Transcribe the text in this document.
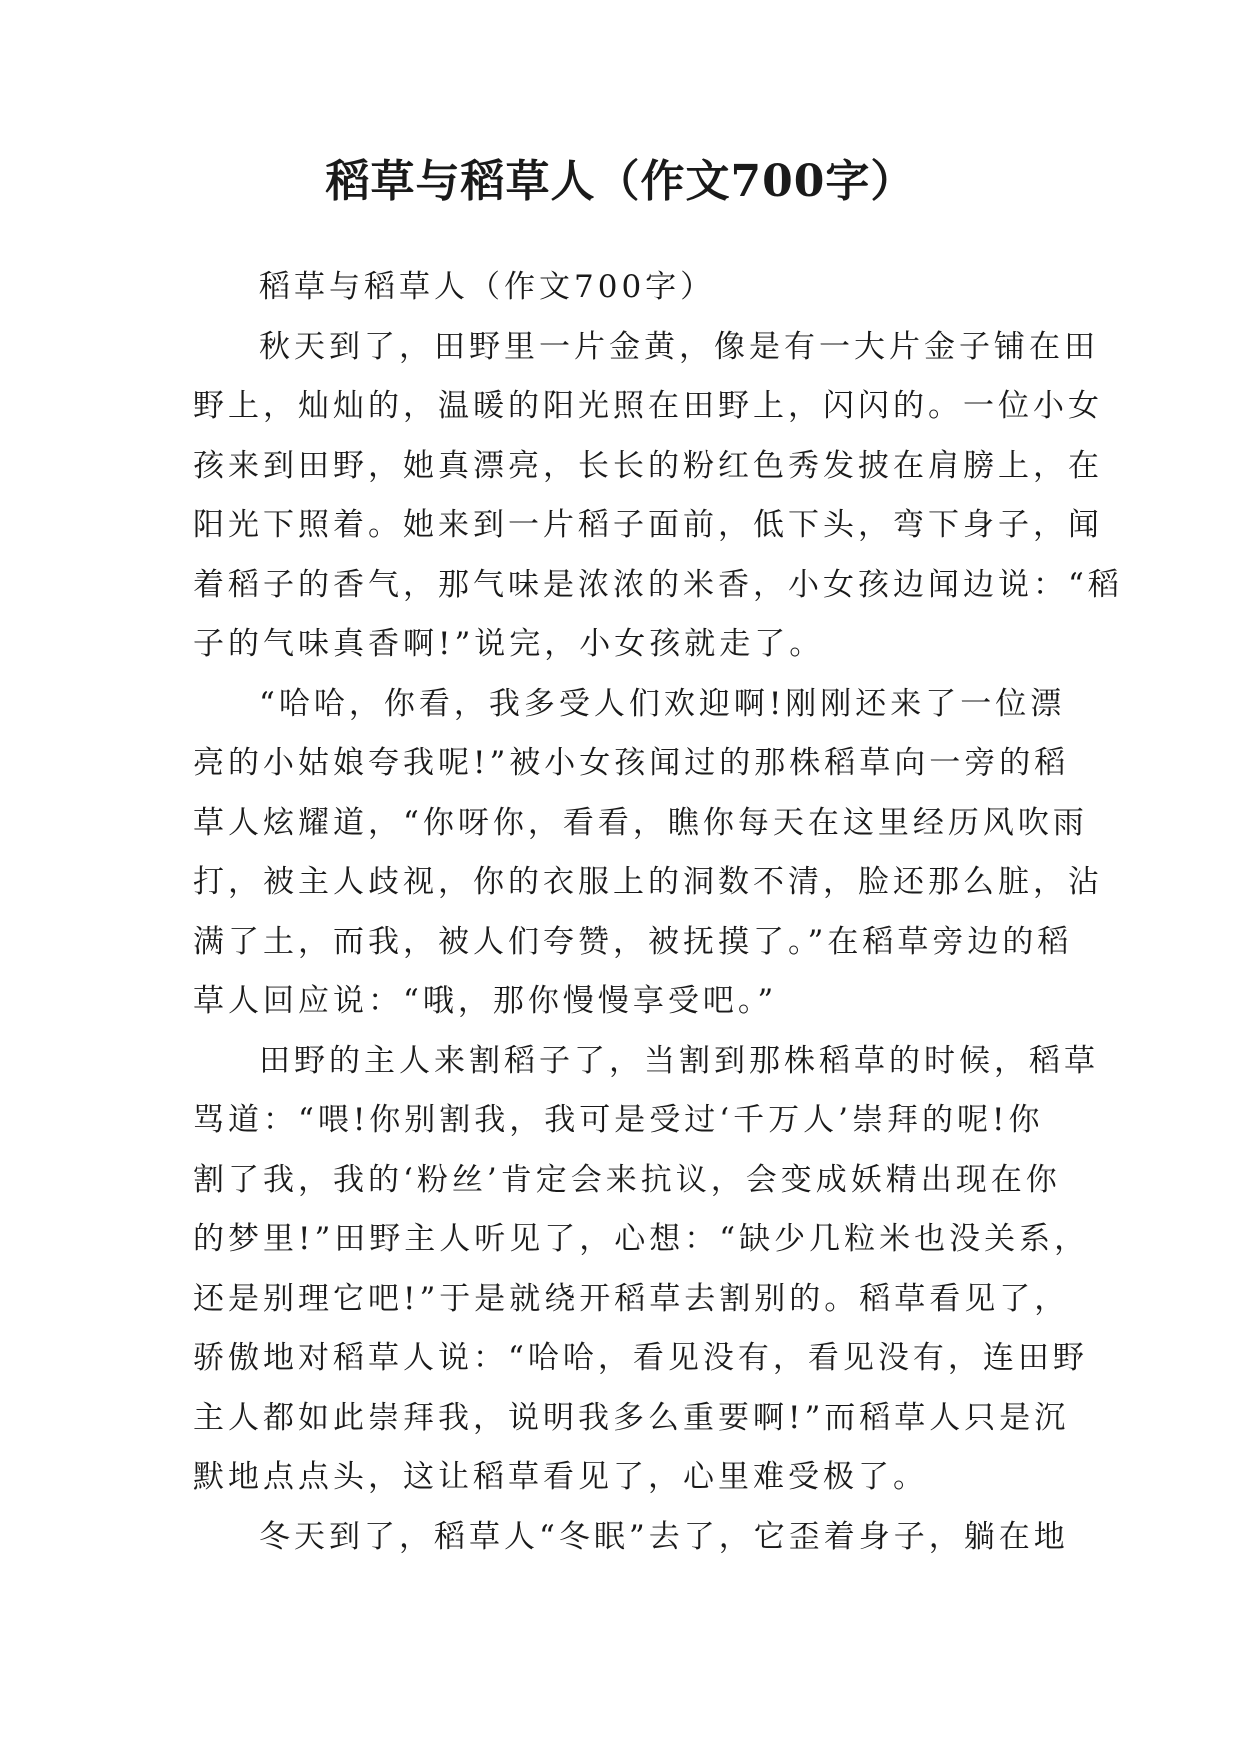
稻草与稻草人（作文700字）
稻草与稻草人（作文700字）
秋天到了，田野里一片金黄，像是有一大片金子铺在田
野上，灿灿的，温暖的阳光照在田野上，闪闪的。一位小女
孩来到田野，她真漂亮，长长的粉红色秀发披在肩膀上，在
阳光下照着。她来到一片稻子面前，低下头，弯下身子，闻
着稻子的香气，那气味是浓浓的米香，小女孩边闻边说：“稻
子的气味真香啊!”说完，小女孩就走了。
“哈哈，你看，我多受人们欢迎啊!刚刚还来了一位漂
亮的小姑娘夸我呢!”被小女孩闻过的那株稻草向一旁的稻
草人炫耀道，“你呀你，看看，瞧你每天在这里经历风吹雨
打，被主人歧视，你的衣服上的洞数不清，脸还那么脏，沾
满了土，而我，被人们夸赞，被抚摸了。”在稻草旁边的稻
草人回应说：“哦，那你慢慢享受吧。”
田野的主人来割稻子了，当割到那株稻草的时候，稻草
骂道：“喂!你别割我，我可是受过‘千万人’崇拜的呢!你
割了我，我的‘粉丝’肯定会来抗议，会变成妖精出现在你
的梦里!”田野主人听见了，心想：“缺少几粒米也没关系，
还是别理它吧!”于是就绕开稻草去割别的。稻草看见了，
骄傲地对稻草人说：“哈哈，看见没有，看见没有，连田野
主人都如此崇拜我，说明我多么重要啊!”而稻草人只是沉
默地点点头，这让稻草看见了，心里难受极了。
冬天到了，稻草人“冬眠”去了，它歪着身子，躺在地
